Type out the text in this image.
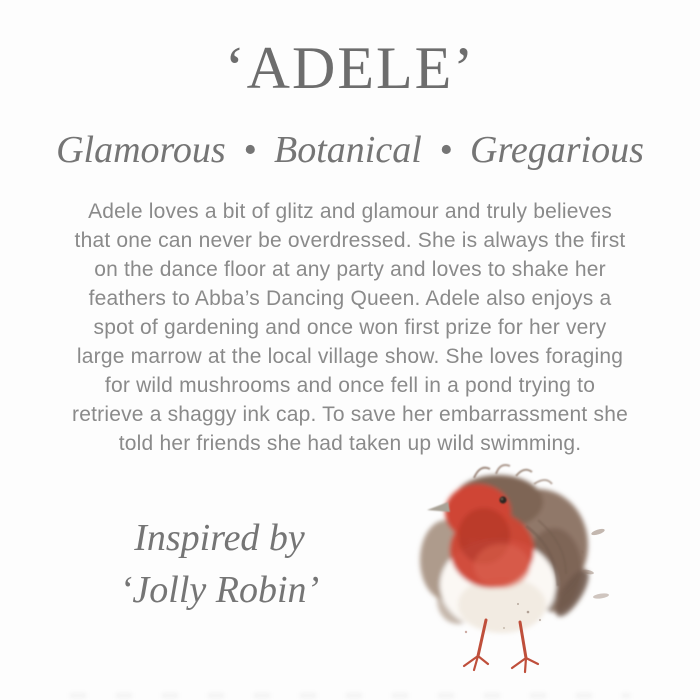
‘ADELE’
Glamorous • Botanical • Gregarious
Adele loves a bit of glitz and glamour and truly believes
that one can never be overdressed. She is always the first
on the dance floor at any party and loves to shake her
feathers to Abba’s Dancing Queen. Adele also enjoys a
spot of gardening and once won first prize for her very
large marrow at the local village show. She loves foraging
for wild mushrooms and once fell in a pond trying to
retrieve a shaggy ink cap. To save her embarrassment she
told her friends she had taken up wild swimming.
Inspired by
‘Jolly Robin’
